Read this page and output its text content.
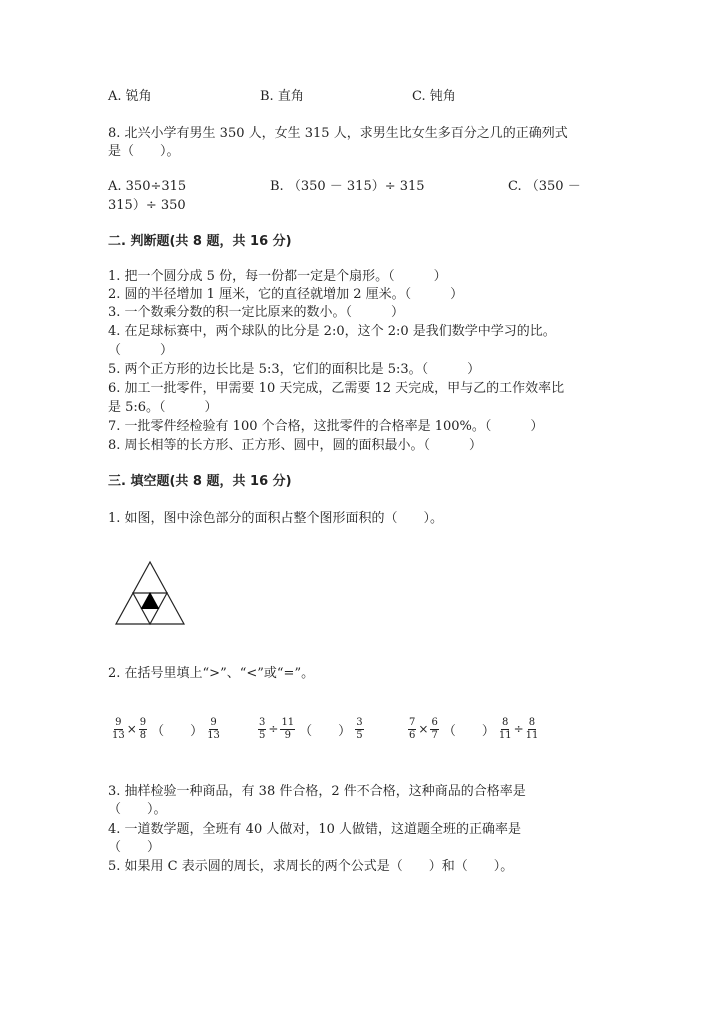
A. 锐角	B. 直角	C. 钝角
8. 北兴小学有男生 350 人，女生 315 人，求男生比女生多百分之几的正确列式
是（　　）。
A. 350÷315	B. （350 － 315）÷ 315	C. （350 －
315）÷ 350
二. 判断题(共 8 题，共 16 分)
1. 把一个圆分成 5 份，每一份都一定是个扇形。（　　　）
2. 圆的半径增加 1 厘米，它的直径就增加 2 厘米。（　　　）
3. 一个数乘分数的积一定比原来的数小。（　　　）
4. 在足球标赛中，两个球队的比分是 2:0，这个 2:0 是我们数学中学习的比。
（　　　）
5. 两个正方形的边长比是 5:3，它们的面积比是 5:3。（　　　）
6. 加工一批零件，甲需要 10 天完成，乙需要 12 天完成，甲与乙的工作效率比
是 5:6。（　　　）
7. 一批零件经检验有 100 个合格，这批零件的合格率是 100%。（　　　）
8. 周长相等的长方形、正方形、圆中，圆的面积最小。（　　　）
三. 填空题(共 8 题，共 16 分)
1. 如图，图中涂色部分的面积占整个图形面积的（　　）。
2. 在括号里填上“>”、“<”或“=”。
$\frac{9}{13} \times \frac{9}{8}$ （　　） $\frac{9}{13}$	$\frac{3}{5} \div \frac{11}{9}$ （　　） $\frac{3}{5}$	$\frac{7}{6} \times \frac{6}{7}$ （　　） $\frac{8}{11} \div \frac{8}{11}$
3. 抽样检验一种商品，有 38 件合格，2 件不合格，这种商品的合格率是
（　　）。
4. 一道数学题，全班有 40 人做对，10 人做错，这道题全班的正确率是
（　　）
5. 如果用 C 表示圆的周长，求周长的两个公式是（　　）和（　　）。
